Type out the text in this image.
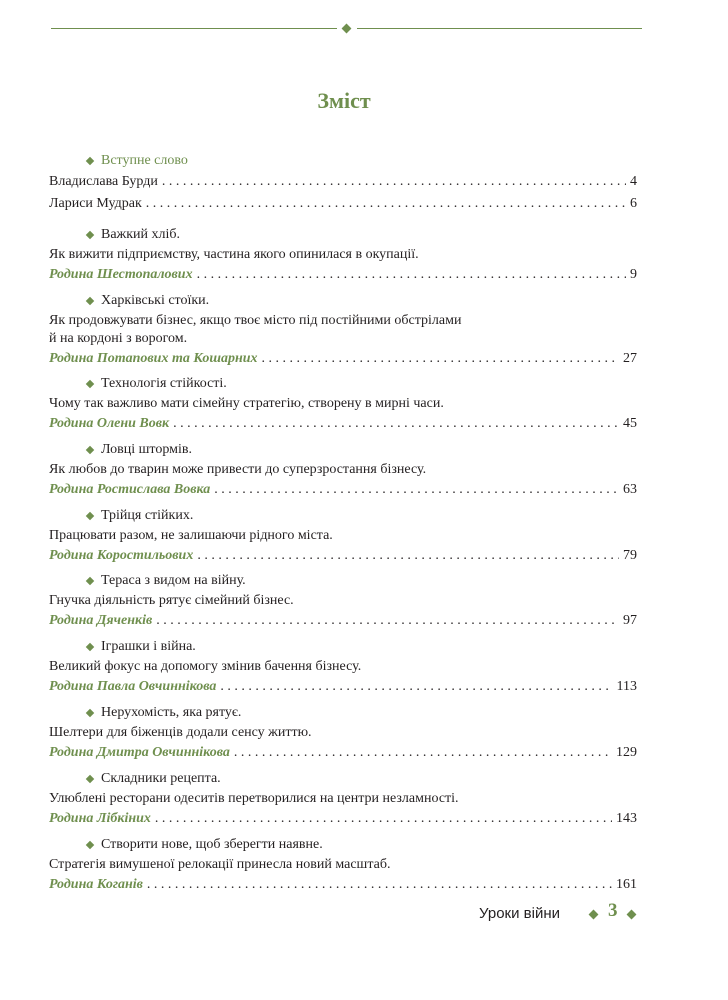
Зміст
Вступне слово
Владислава Бурди . . .	4
Лариси Мудрак . . .	6
Важкий хліб.
Як вижити підприємству, частина якого опинилася в окупації.
Родина Шестопалових . . .	9
Харківські стоїки.
Як продовжувати бізнес, якщо твоє місто під постійними обстрілами
й на кордоні з ворогом.
Родина Потапових та Кошарних . . .	27
Технологія стійкості.
Чому так важливо мати сімейну стратегію, створену в мирні часи.
Родина Олени Вовк . . .	45
Ловці штормів.
Як любов до тварин може привести до суперзростання бізнесу.
Родина Ростислава Вовка . . .	63
Трійця стійких.
Працювати разом, не залишаючи рідного міста.
Родина Коростильових . . .	79
Тераса з видом на війну.
Гнучка діяльність рятує сімейний бізнес.
Родина Дяченків . . .	97
Іграшки і війна.
Великий фокус на допомогу змінив бачення бізнесу.
Родина Павла Овчиннікова . . .	113
Нерухомість, яка рятує.
Шелтери для біженців додали сенсу життю.
Родина Дмитра Овчиннікова . . .	129
Складники рецепта.
Улюблені ресторани одеситів перетворилися на центри незламності.
Родина Лібкіних . . .	143
Створити нове, щоб зберегти наявне.
Стратегія вимушеної релокації принесла новий масштаб.
Родина Коганів . . .	161
Уроки війни	3
